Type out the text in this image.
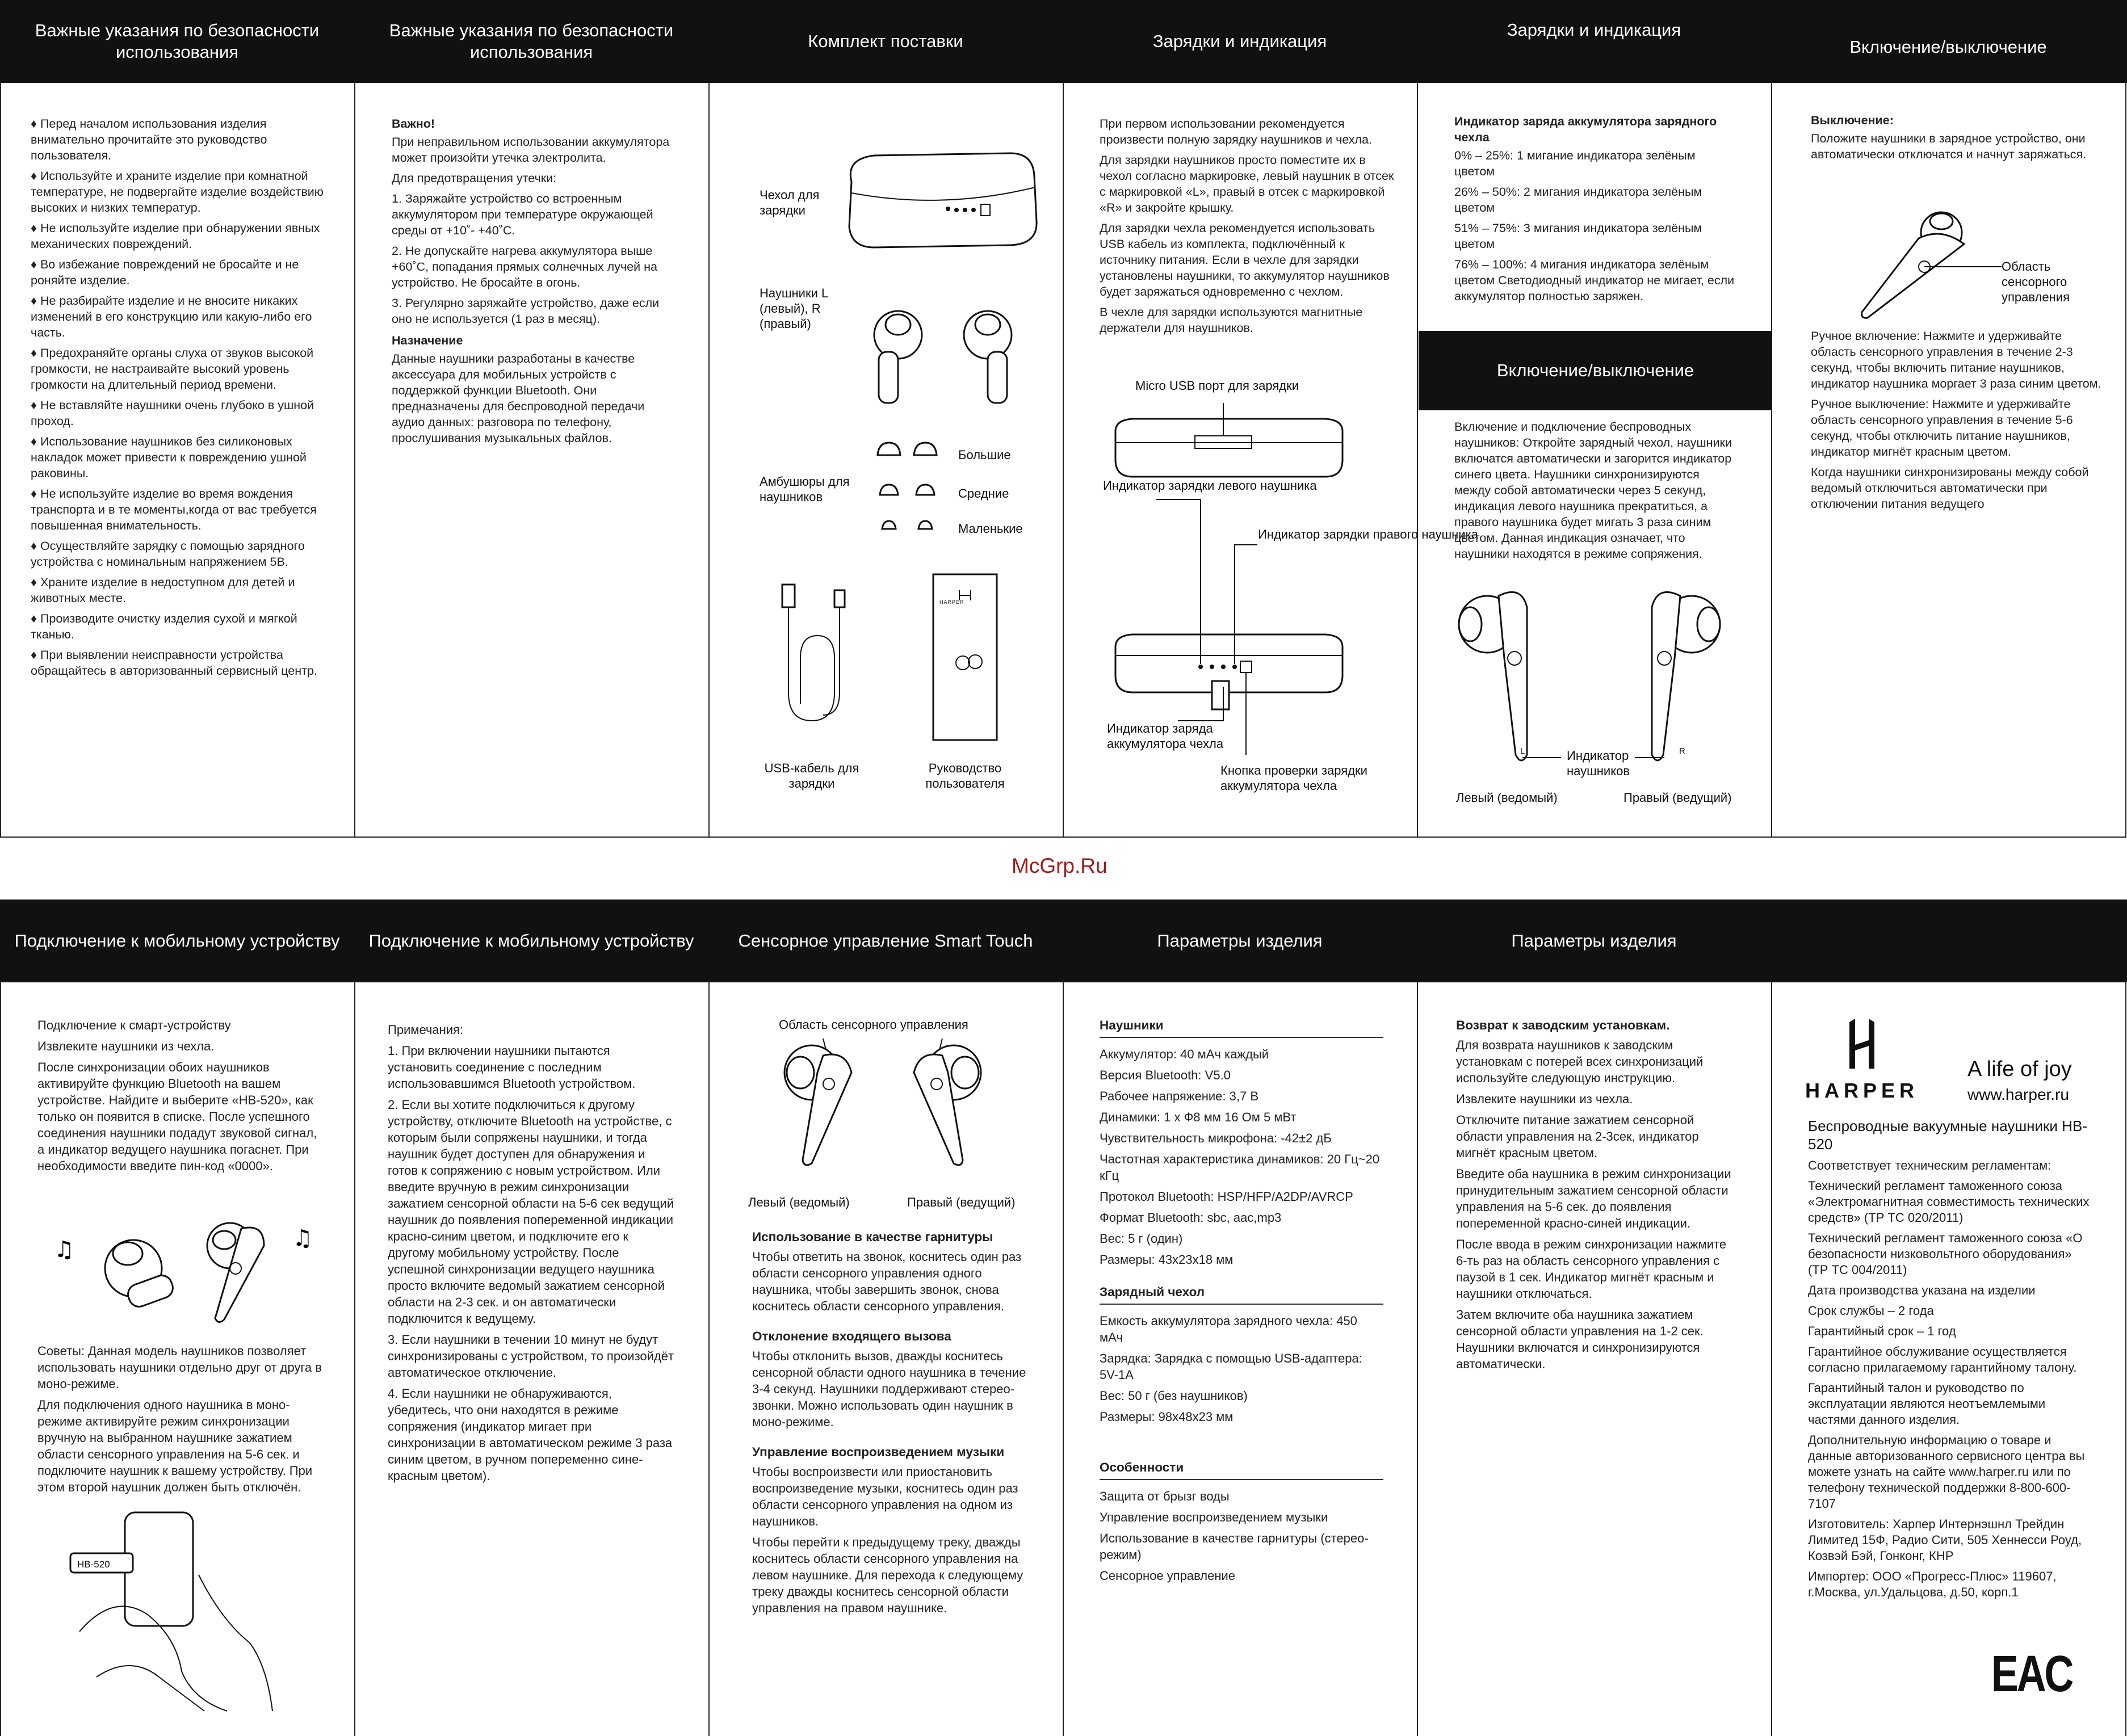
Важные указания по безопасности использования
Важные указания по безопасности использования
Комплект поставки	Зарядки и индикация
Зарядки и индикация
Включение/выключение
Подключение к мобильному устройству	Подключение к мобильному устройству	Сенсорное управление Smart Touch	Параметры изделия	Параметры изделия
McGrp.Ru

♦ Перед началом использования изделия внимательно прочитайте это руководство пользователя.

♦ Используйте и храните изделие при комнатной температуре, не подвергайте изделие воздействию высоких и низких температур.

♦ Не используйте изделие при обнаружении явных механических повреждений.

♦ Во избежание повреждений не бросайте и не роняйте изделие.

♦ Не разбирайте изделие и не вносите никаких изменений в его конструкцию или какую-либо его часть.

♦ Предохраняйте органы слуха от звуков высокой громкости, не настраивайте высокий уровень громкости на длительный период времени.

♦ Не вставляйте наушники очень глубоко в ушной проход.

♦ Использование наушников без силиконовых накладок может привести к повреждению ушной раковины.

♦ Не используйте изделие во время вождения транспорта и в те моменты,когда от вас требуется повышенная внимательность.

♦ Осуществляйте зарядку с помощью зарядного устройства с номинальным напряжением 5В.

♦ Храните изделие в недоступном для детей и животных месте.

♦ Производите очистку изделия сухой и мягкой тканью.

♦ При выявлении неисправности устройства обращайтесь в авторизованный сервисный центр.

Важно!

При неправильном использовании аккумулятора может произойти утечка электролита.

Для предотвращения утечки:

1. Заряжайте устройство со встроенным аккумулятором при температуре окружающей среды от +10˚- +40˚С.

2. Не допускайте нагрева аккумулятора выше +60˚С, попадания прямых солнечных лучей на устройство. Не бросайте в огонь.

3. Регулярно заряжайте устройство, даже если оно не используется (1 раз в месяц).

Назначение

Данные наушники разработаны в качестве аксессуара для мобильных устройств с поддержкой функции Bluetooth. Они предназначены для беспроводной передачи аудио данных: разговора по телефону, прослушивания музыкальных файлов.

Чехол для зарядки
Наушники L (левый), R (правый)
Большие
Средние
Маленькие
Амбушюры для наушников
USB-кабель для зарядки
HARPER
Руководство пользователя

При первом использовании рекомендуется произвести полную зарядку наушников и чехла.

Для зарядки наушников просто поместите их в чехол согласно маркировке, левый наушник в отсек с маркировкой «L», правый в отсек с маркировкой «R» и закройте крышку.

Для зарядки чехла рекомендуется использовать USB кабель из комплекта, подключённый к источнику питания. Если в чехле для зарядки установлены наушники, то аккумулятор наушников будет заряжаться одновременно с чехлом.

В чехле для зарядки используются магнитные держатели для наушников.

Micro USB порт для зарядки
Индикатор зарядки левого наушника
Индикатор зарядки правого наушника
Индикатор заряда аккумулятора чехла
Кнопка проверки зарядки аккумулятора чехла

Индикатор заряда аккумулятора зарядного чехла

0% – 25%: 1 мигание индикатора зелёным цветом

26% – 50%: 2 мигания индикатора зелёным цветом

51% – 75%: 3 мигания индикатора зелёным цветом

76% – 100%: 4 мигания индикатора зелёным цветом Светодиодный индикатор не мигает, если аккумулятор полностью заряжен.

Включение/выключение

Включение и подключение беспроводных наушников: Откройте зарядный чехол, наушники включатся автоматически и загорится индикатор синего цвета. Наушники синхронизируются между собой автоматически через 5 секунд, индикация левого наушника прекратиться, а правого наушника будет мигать 3 раза синим цветом. Данная индикация означает, что наушники находятся в режиме сопряжения.

L	R
Индикатор наушников
Левый (ведомый)	Правый (ведущий)

Выключение:

Положите наушники в зарядное устройство, они автоматически отключатся и начнут заряжаться.

Область сенсорного управления

Ручное включение: Нажмите и удерживайте область сенсорного управления в течение 2-3 секунд, чтобы включить питание наушников, индикатор наушника моргает 3 раза синим цветом.

Ручное выключение: Нажмите и удерживайте область сенсорного управления в течение 5-6 секунд, чтобы отключить питание наушников, индикатор мигнёт красным цветом.

Когда наушники синхронизированы между собой ведомый отключиться автоматически при отключении питания ведущего

Подключение к смарт-устройству

Извлеките наушники из чехла.

После синхронизации обоих наушников активируйте функцию Bluetooth на вашем устройстве. Найдите и выберите «HB-520», как только он появится в списке. После успешного соединения наушники подадут звуковой сигнал, а индикатор ведущего наушника погаснет. При необходимости введите пин-код «0000».

♫	♫

Советы: Данная модель наушников позволяет использовать наушники отдельно друг от друга в моно-режиме.

Для подключения одного наушника в моно-режиме активируйте режим синхронизации вручную на выбранном наушнике зажатием области сенсорного управления на 5-6 сек. и подключите наушник к вашему устройству. При этом второй наушник должен быть отключён.

HB-520

Примечания:

1. При включении наушники пытаются установить соединение с последним использовавшимся Bluetooth устройством.

2. Если вы хотите подключиться к другому устройству, отключите Bluetooth на устройстве, с которым были сопряжены наушники, и тогда наушник будет доступен для обнаружения и готов к сопряжению с новым устройством. Или введите вручную в режим синхронизации зажатием сенсорной области на 5-6 сек ведущий наушник до появления попеременной индикации красно-синим цветом, и подключите его к другому мобильному устройству. После успешной синхронизации ведущего наушника просто включите ведомый зажатием сенсорной области на 2-3 сек. и он автоматически подключится к ведущему.

3. Если наушники в течении 10 минут не будут синхронизированы с устройством, то произойдёт автоматическое отключение.

4. Если наушники не обнаруживаются, убедитесь, что они находятся в режиме сопряжения (индикатор мигает при синхронизации в автоматическом режиме 3 раза синим цветом, в ручном попеременно сине-красным цветом).

Область сенсорного управления
Левый (ведомый)	Правый (ведущий)

Использование в качестве гарнитуры

Чтобы ответить на звонок, коснитесь один раз области сенсорного управления одного наушника, чтобы завершить звонок, снова коснитесь области сенсорного управления.

Отклонение входящего вызова

Чтобы отклонить вызов, дважды коснитесь сенсорной области одного наушника в течение 3-4 секунд. Наушники поддерживают стерео- звонки. Можно использовать один наушник в моно-режиме.

Управление воспроизведением музыки

Чтобы воспроизвести или приостановить воспроизведение музыки, коснитесь один раз области сенсорного управления на одном из наушников.

Чтобы перейти к предыдущему треку, дважды коснитесь области сенсорного управления на левом наушнике. Для перехода к следующему треку дважды коснитесь сенсорной области управления на правом наушнике.

Наушники

Аккумулятор: 40 мАч каждый

Версия Bluetooth: V5.0

Рабочее напряжение: 3,7 В

Динамики: 1 х Ф8 мм 16 Ом 5 мВт

Чувствительность микрофона: -42±2 дБ

Частотная характеристика динамиков: 20 Гц~20 кГц

Протокол Bluetooth: HSP/HFP/A2DP/AVRCP

Формат Bluetooth: sbc, aac,mp3

Вес: 5 г (один)

Размеры: 43х23х18 мм

Зарядный чехол

Емкость аккумулятора зарядного чехла: 450 мАч

Зарядка: Зарядка с помощью USB-адаптера: 5V-1A

Вес: 50 г (без наушников)

Размеры: 98х48х23 мм

Особенности

Защита от брызг воды

Управление воспроизведением музыки

Использование в качестве гарнитуры (стерео-режим)

Сенсорное управление

Возврат к заводским установкам.

Для возврата наушников к заводским установкам с потерей всех синхронизаций используйте следующую инструкцию.

Извлеките наушники из чехла.

Отключите питание зажатием сенсорной области управления на 2-3сек, индикатор мигнёт красным цветом.

Введите оба наушника в режим синхронизации принудительным зажатием сенсорной области управления на 5-6 сек. до появления попеременной красно-синей индикации.

После ввода в режим синхронизации нажмите 6-ть раз на область сенсорного управления с паузой в 1 сек. Индикатор мигнёт красным и наушники отключаться.

Затем включите оба наушника зажатием сенсорной области управления на 1-2 сек. Наушники включатся и синхронизируются автоматически.

HARPER
A life of joy
www.harper.ru

Беспроводные вакуумные наушники HB-520

Соответствует техническим регламентам:

Технический регламент таможенного союза «Электромагнитная совместимость технических средств» (ТР ТС 020/2011)

Технический регламент таможенного союза «О безопасности низковольтного оборудования» (ТР ТС 004/2011)

Дата производства указана на изделии

Срок службы – 2 года

Гарантийный срок – 1 год

Гарантийное обслуживание осуществляется согласно прилагаемому гарантийному талону.

Гарантийный талон и руководство по эксплуатации являются неотъемлемыми частями данного изделия.

Дополнительную информацию о товаре и данные авторизованного сервисного центра вы можете узнать на сайте www.harper.ru или по телефону технической поддержки 8-800-600-7107

Изготовитель: Харпер Интернэшнл Трейдин Лимитед 15Ф, Радио Сити, 505 Хеннесси Роуд, Козвэй Бэй, Гонконг, КНР

Импортер: ООО «Прогресс-Плюс» 119607, г.Москва, ул.Удальцова, д.50, корп.1

EAC
